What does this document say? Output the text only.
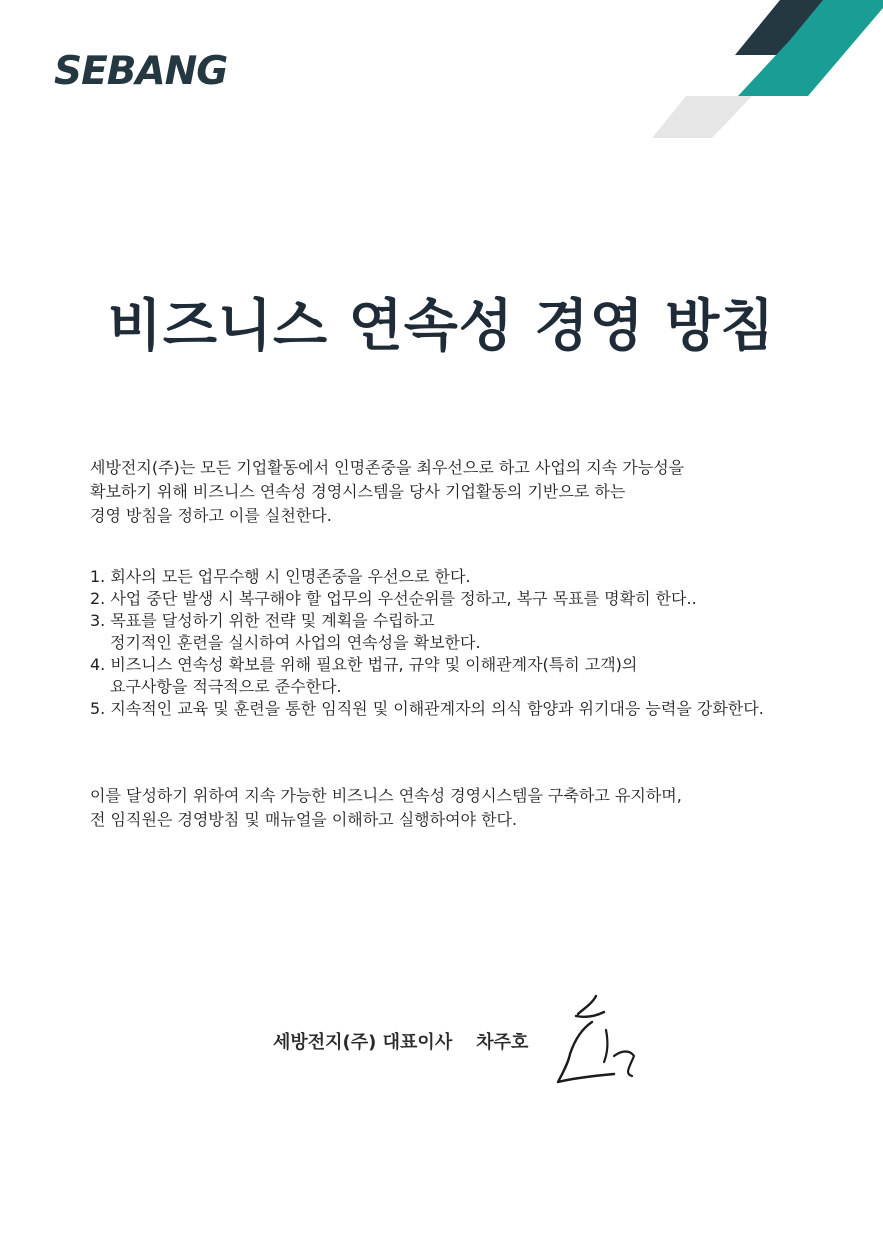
SEBANG
비즈니스 연속성 경영 방침

세방전지(주)는 모든 기업활동에서 인명존중을 최우선으로 하고 사업의 지속 가능성을
확보하기 위해 비즈니스 연속성 경영시스템을 당사 기업활동의 기반으로 하는
경영 방침을 정하고 이를 실천한다.

1. 회사의 모든 업무수행 시 인명존중을 우선으로 한다.
2. 사업 중단 발생 시 복구해야 할 업무의 우선순위를 정하고, 복구 목표를 명확히 한다..
3. 목표를 달성하기 위한 전략 및 계획을 수립하고
정기적인 훈련을 실시하여 사업의 연속성을 확보한다.
4. 비즈니스 연속성 확보를 위해 필요한 법규, 규약 및 이해관계자(특히 고객)의
요구사항을 적극적으로 준수한다.
5. 지속적인 교육 및 훈련을 통한 임직원 및 이해관계자의 의식 함양과 위기대응 능력을 강화한다.

이를 달성하기 위하여 지속 가능한 비즈니스 연속성 경영시스템을 구축하고 유지하며,
전 임직원은 경영방침 및 매뉴얼을 이해하고 실행하여야 한다.

세방전지(주) 대표이사 차주호
